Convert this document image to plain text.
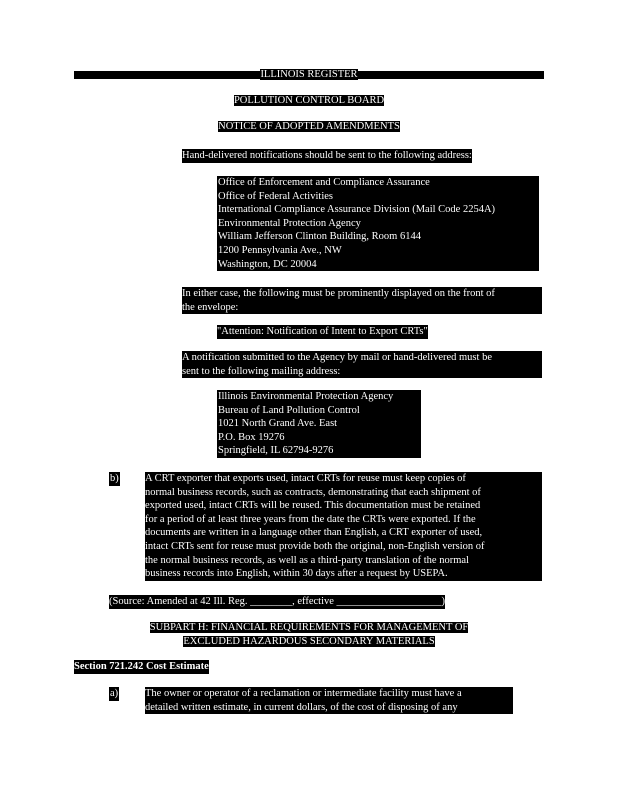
ILLINOIS REGISTER
POLLUTION CONTROL BOARD
NOTICE OF ADOPTED AMENDMENTS
Hand-delivered notifications should be sent to the following address:
Office of Enforcement and Compliance Assurance
Office of Federal Activities
International Compliance Assurance Division (Mail Code 2254A)
Environmental Protection Agency
William Jefferson Clinton Building, Room 6144
1200 Pennsylvania Ave., NW
Washington, DC 20004
In either case, the following must be prominently displayed on the front of
the envelope:
"Attention: Notification of Intent to Export CRTs"
A notification submitted to the Agency by mail or hand-delivered must be
sent to the following mailing address:
Illinois Environmental Protection Agency
Bureau of Land Pollution Control
1021 North Grand Ave. East
P.O. Box 19276
Springfield, IL 62794-9276
b)	A CRT exporter that exports used, intact CRTs for reuse must keep copies of
normal business records, such as contracts, demonstrating that each shipment of
exported used, intact CRTs will be reused. This documentation must be retained
for a period of at least three years from the date the CRTs were exported. If the
documents are written in a language other than English, a CRT exporter of used,
intact CRTs sent for reuse must provide both the original, non-English version of
the normal business records, as well as a third-party translation of the normal
business records into English, within 30 days after a request by USEPA.
(Source: Amended at 42 Ill. Reg. ________, effective ____________________)
SUBPART H: FINANCIAL REQUIREMENTS FOR MANAGEMENT OF
EXCLUDED HAZARDOUS SECONDARY MATERIALS
Section 721.242 Cost Estimate
a)	The owner or operator of a reclamation or intermediate facility must have a
detailed written estimate, in current dollars, of the cost of disposing of any
